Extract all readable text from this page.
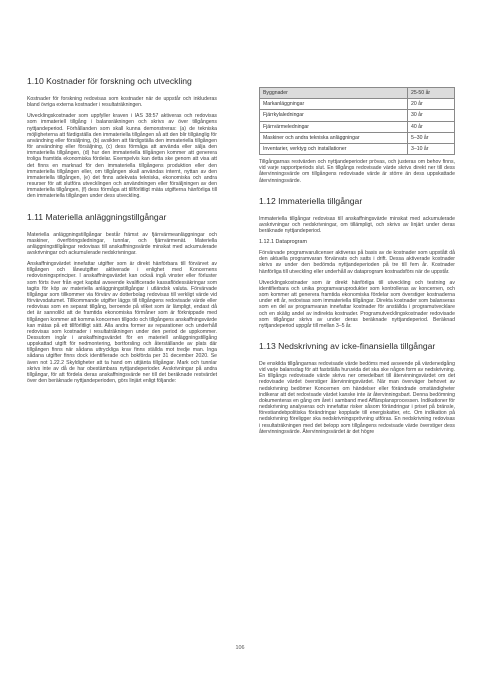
1.10 Kostnader för forskning och utveckling

Kostnader för forskning redovisas som kostnader när de uppstår och inkluderas bland övriga externa kostnader i resultaträkningen.

Utvecklingskostnader som uppfyller kraven i IAS 38:57 aktiveras och redovisas som immateriell tillgång i balansräkningen och skrivs av över tillgångens nyttjandeperiod. Förhållanden som skall kunna demonstreras: (a) de tekniska möjligheterna att färdigställa den immateriella tillgången så att den blir tillgänglig för användning eller försäljning, (b) avsikten att färdigställa den immateriella tillgången för användning eller försäljning, (c) dess förmåga att använda eller sälja den immateriella tillgången, (d) hur den immateriella tillgången kommer att generera troliga framtida ekonomiska fördelar. Exempelvis kan detta ske genom att visa att det finns en marknad för den immateriella tillgångens produktion eller den immateriella tillgången eller, om tillgången skall användas internt, nyttan av den immateriella tillgången, (e) det finns adekvata tekniska, ekonomiska och andra resurser för att slutföra utvecklingen och användningen eller försäljningen av den immateriella tillgången, (f) dess förmåga att tillförlitligt mäta utgifterna hänförliga till den immateriella tillgången under dess utveckling.

1.11 Materiella anläggningstillgångar

Materiella anläggningstillgångar består främst av fjärrvärmeanläggningar och maskiner, överföringsledningar, tunnlar, och fjärrvärmenät. Materiella anläggningstillgångar redovisas till anskaffningsvärde minskat med ackumulerade avskrivningar och ackumulerade nedskrivningar.

Anskaffningsvärdet innefattar utgifter som är direkt hänförbara till förvärvet av tillgången och lånеutgifter aktiverade i enlighet med Koncernens redovisningsprinciper. I anskaffningsvärdet kan också ingå vinster eller förluster som förts över från eget kapital avseende kvalificerade kassaflödessäkringar som tagits för köp av materiella anläggningstillgångar i utländsk valuta. Förvärvade tillgångar som tillkommer via förvärv av dotterbolag redovisas till verkligt värde vid förvärvsdatumet. Tillkommande utgifter läggs till tillgångens redovisade värde eller redovisas som en separat tillgång, beroende på vilket som är lämpligt, endast då det är sannolikt att de framtida ekonomiska förmåner som är förknippade med tillgången kommer att komma koncernen tillgodo och tillgångens anskaffningsvärde kan mätas på ett tillförlitligt sätt. Alla andra former av reparationer och underhåll redovisas som kostnader i resultaträkningen under den period de uppkommer. Dessutom ingår i anskaffningsvärdet för en materiell anläggningstillgång uppskattad utgift för nedmontering, bortforsling och återställande av plats där tillgången finns när sådana uttryckliga krav finns ställda mot tredje man. Inga sådana utgifter finns dock identifierade och bokförda per 31 december 2020. Se även not 1.22.2 Skyldigheter att ta hand om uttjänta tillgångar. Mark och tunnlar skrivs inte av då de har obestämbara nyttjandeperioder. Avskrivningar på andra tillgångar, för att fördela deras anskaffningsvärde ner till det beräknade restvärdet över den beräknade nyttjandeperioden, görs linjärt enligt följande:

Byggnader	25-50 år
Markanläggningar	20 år
Fjärrkylaledningar	30 år
Fjärrvärmeledningar	40 år
Maskiner och andra tekniska anläggningar	5–30 år
Inventarier, verktyg och installationer	3–10 år

Tillgångarnas restvärden och nyttjandeperioder prövas, och justeras om behov finns, vid varje rapportperiods slut. En tillgångs redovisade värde skrivs direkt ner till dess återvinningsvärde om tillgångens redovisade värde är större än dess uppskattade återvinningsvärde.

1.12 Immateriella tillgångar

Immateriella tillgångar redovisas till anskaffningsvärde minskat med ackumulerade avskrivningar och nedskrivningar, om tillämpligt, och skrivs av linjärt under deras beräknade nyttjandeperiod.

1.12.1 Dataprogram

Förvärvade programvarulicenser aktiveras på basis av de kostnader som uppstått då den aktuella programvaran förvärvats och satts i drift. Dessa aktiverade kostnader skrivs av under den bedömda nyttjandeperioden på tre till fem år. Kostnader hänförliga till utveckling eller underhåll av dataprogram kostnadsförs när de uppstår.

Utvecklingskostnader som är direkt hänförliga till utveckling och testning av identifierbara och unika programvaruprodukter som kontrolleras av koncernen, och som kommer att generera framtida ekonomiska fördelar som överstiger kostnaderna under ett år, redovisas som immateriella tillgångar. Direkta kostnader som balanseras som en del av programvaran innefattar kostnader för anställda i programutvecklare och en skälig andel av indirekta kostnader. Programutvecklingskostnader redovisade som tillgångar skrivs av under deras beräknade nyttjandeperiod. Beräknad nyttjandeperiod uppgår till mellan 3–5 år.

1.13 Nedskrivning av icke-finansiella tillgångar

De enskilda tillgångarnas redovisade värde bedöms med avseende på värdenedgång vid varje balansdag för att fastställa huruvida det ska ske någon form av nedskrivning. En tillgångs redovisade värde skrivs ner omedelbart till återvinningsvärdet om det redovisade värdet överstiger återvinningsvärdet. När man överväger behovet av nedskrivning bedömer Koncernen om händelser eller förändrade omständigheter indikerar att det redovisade värdet kanske inte är återvinningsbart. Denna bedömning dokumenteras en gång om året i samband med Affärsplansprocessen. Indikationer för nedskrivning analyseras och innefattar risker såsom förändringar i priset på bränsle, förestiandebpolitiska förändringar kopplade till energiskatter, etc. Om indikation på nedskrivning föreligger ska nedskrivningsprövning utföras. En nedskrivning redovisas i resultaträkningen med det belopp som tillgångens redovisade värde överstiger dess återvinningsvärde. Återvinningsvärdet är det högre

106
